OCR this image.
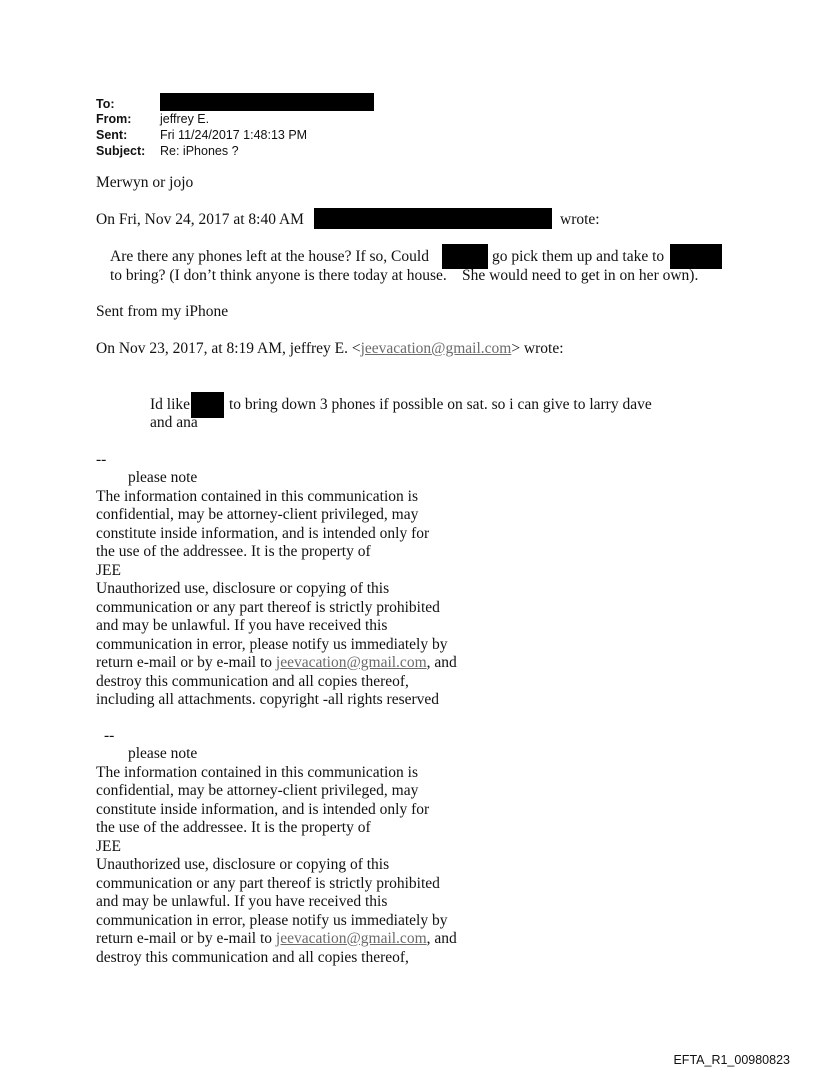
To:
From: jeffrey E.
Sent:	Fri 11/24/2017 1:48:13 PM
Subject: Re: iPhones ?
Merwyn or jojo
On Fri, Nov 24, 2017 at 8:40 AM	wrote:
Are there any phones left at the house? If so, Could	go pick them up and take to
to bring? (I don’t think anyone is there today at house. She would need to get in on her own).
Sent from my iPhone
On Nov 23, 2017, at 8:19 AM, jeffrey E. <jeevacation@gmail.com> wrote:
Id like	to bring down 3 phones if possible on sat. so i can give to larry dave
and ana
--
please note
The information contained in this communication is
confidential, may be attorney-client privileged, may
constitute inside information, and is intended only for
the use of the addressee. It is the property of
JEE
Unauthorized use, disclosure or copying of this
communication or any part thereof is strictly prohibited
and may be unlawful. If you have received this
communication in error, please notify us immediately by
return e-mail or by e-mail to jeevacation@gmail.com, and
destroy this communication and all copies thereof,
including all attachments. copyright -all rights reserved
--
please note
The information contained in this communication is
confidential, may be attorney-client privileged, may
constitute inside information, and is intended only for
the use of the addressee. It is the property of
JEE
Unauthorized use, disclosure or copying of this
communication or any part thereof is strictly prohibited
and may be unlawful. If you have received this
communication in error, please notify us immediately by
return e-mail or by e-mail to jeevacation@gmail.com, and
destroy this communication and all copies thereof,
EFTA_R1_00980823
